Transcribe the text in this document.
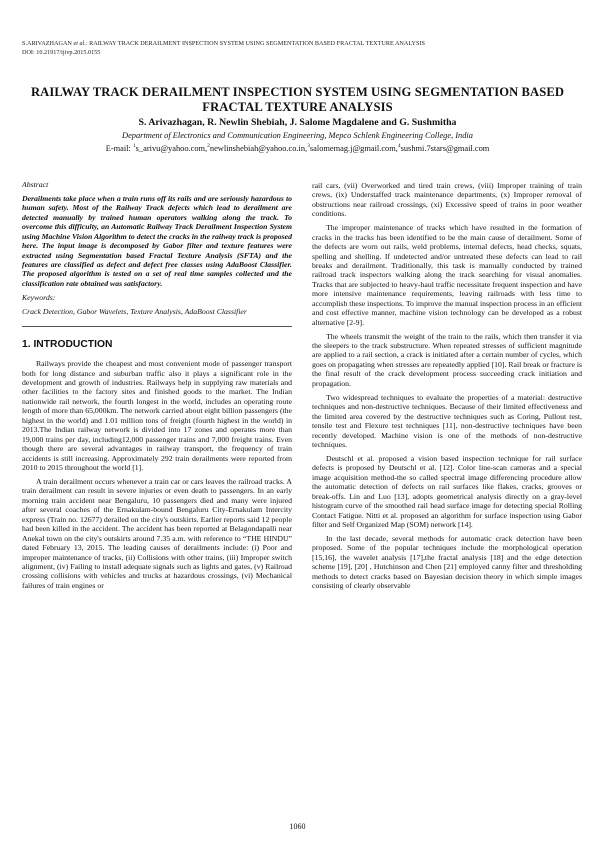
S.ARIVAZHAGAN et al.: RAILWAY TRACK DERAILMENT INSPECTION SYSTEM USING SEGMENTATION BASED FRACTAL TEXTURE ANALYSIS
DOI: 10.21917/ijivp.2015.0155
RAILWAY TRACK DERAILMENT INSPECTION SYSTEM USING SEGMENTATION BASED FRACTAL TEXTURE ANALYSIS
S. Arivazhagan, R. Newlin Shebiah, J. Salome Magdalene and G. Sushmitha
Department of Electronics and Communication Engineering, Mepco Schlenk Engineering College, India
E-mail: $^1$s_arivu@yahoo.com,$^2$newlinshebiah@yahoo.co.in,$^3$salomemag.j@gmail.com,$^4$sushmi.7stars@gmail.com

Abstract

Derailments take place when a train runs off its rails and are seriously hazardous to human safety. Most of the Railway Track defects which lead to derailment are detected manually by trained human operators walking along the track. To overcome this difficulty, an Automatic Railway Track Derailment Inspection System using Machine Vision Algorithm to detect the cracks in the railway track is proposed here. The input image is decomposed by Gabor filter and texture features were extracted using Segmentation based Fractal Texture Analysis (SFTA) and the features are classified as defect and defect free classes using AdaBoost Classifier. The proposed algorithm is tested on a set of real time samples collected and the classification rate obtained was satisfactory.

Keywords:

Crack Detection, Gabor Wavelets, Texture Analysis, AdaBoost Classifier

1. INTRODUCTION

Railways provide the cheapest and most convenient mode of passenger transport both for long distance and suburban traffic also it plays a significant role in the development and growth of industries. Railways help in supplying raw materials and other facilities to the factory sites and finished goods to the market. The Indian nationwide rail network, the fourth longest in the world, includes an operating route length of more than 65,000km. The network carried about eight billion passengers (the highest in the world) and 1.01 million tons of freight (fourth highest in the world) in 2013.The Indian railway network is divided into 17 zones and operates more than 19,000 trains per day, including12,000 passenger trains and 7,000 freight trains. Even though there are several advantages in railway transport, the frequency of train accidents is still increasing. Approximately 292 train derailments were reported from 2010 to 2015 throughout the world [1].

A train derailment occurs whenever a train car or cars leaves the railroad tracks. A train derailment can result in severe injuries or even death to passengers. In an early morning train accident near Bengaluru, 10 passengers died and many were injured after several coaches of the Ernakulam-bound Bengaluru City-Ernakulam Intercity express (Train no. 12677) derailed on the city's outskirts. Earlier reports said 12 people had been killed in the accident. The accident has been reported at Belagondapalli near Anekal town on the city's outskirts around 7.35 a.m. with reference to “THE HINDU” dated February 13, 2015. The leading causes of derailments include: (i) Poor and improper maintenance of tracks, (ii) Collisions with other trains, (iii) Improper switch alignment, (iv) Failing to install adequate signals such as lights and gates, (v) Railroad crossing collisions with vehicles and trucks at hazardous crossings, (vi) Mechanical failures of train engines or

rail cars, (vii) Overworked and tired train crews, (viii) Improper training of train crews, (ix) Understaffed track maintenance departments, (x) Improper removal of obstructions near railroad crossings, (xi) Excessive speed of trains in poor weather conditions.

The improper maintenance of tracks which have resulted in the formation of cracks in the tracks has been identified to be the main cause of derailment. Some of the defects are worn out rails, weld problems, internal defects, head checks, squats, spelling and shelling. If undetected and/or untreated these defects can lead to rail breaks and derailment. Traditionally, this task is manually conducted by trained railroad track inspectors walking along the track searching for visual anomalies. Tracks that are subjected to heavy-haul traffic necessitate frequent inspection and have more intensive maintenance requirements, leaving railroads with less time to accomplish these inspections. To improve the manual inspection process in an efficient and cost effective manner, machine vision technology can be developed as a robust alternative [2-9].

The wheels transmit the weight of the train to the rails, which then transfer it via the sleepers to the track substructure. When repeated stresses of sufficient magnitude are applied to a rail section, a crack is initiated after a certain number of cycles, which goes on propagating when stresses are repeatedly applied [10]. Rail break or fracture is the final result of the crack development process succeeding crack initiation and propagation.

Two widespread techniques to evaluate the properties of a material: destructive techniques and non-destructive techniques. Because of their limited effectiveness and the limited area covered by the destructive techniques such as Coring, Pullout test, tensile test and Flexure test techniques [11], non-destructive techniques have been recently developed. Machine vision is one of the methods of non-destructive techniques.

Deutschl et al. proposed a vision based inspection technique for rail surface defects is proposed by Deutschl et al. [12]. Color line-scan cameras and a special image acquisition method-the so called spectral image differencing procedure allow the automatic detection of defects on rail surfaces like flakes, cracks, grooves or break-offs. Lin and Luo [13], adopts geometrical analysis directly on a gray-level histogram curve of the smoothed rail head surface image for detecting special Rolling Contact Fatigue. Nitti et al. proposed an algorithm for surface inspection using Gabor filter and Self Organized Map (SOM) network [14].

In the last decade, several methods for automatic crack detection have been proposed. Some of the popular techniques include the morphological operation [15,16], the wavelet analysis [17],the fractal analysis [18] and the edge detection scheme [19], [20] , Hutchinson and Chen [21] employed canny filter and thresholding methods to detect cracks based on Bayesian decision theory in which simple images consisting of clearly observable

1060
